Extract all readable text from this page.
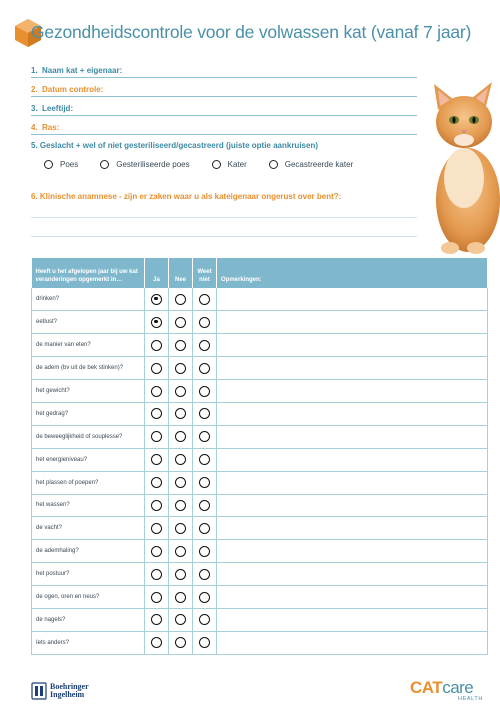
Gezondheidscontrole voor de volwassen kat (vanaf 7 jaar)
1. Naam kat + eigenaar:
2. Datum controle:
3. Leeftijd:
4. Ras:
5. Geslacht + wel of niet gesteriliseerd/gecastreerd (juiste optie aankruisen)
Poes	Gesteriliseerde poes	Kater	Gecastreerde kater
6. Klinische anamnese - zijn er zaken waar u als kateigenaar ongerust over bent?:
Heeft u het afgelopen jaar bij uw kat veranderingen opgemerkt in…	Ja	Nee	Weet niet	Opmerkingen:
drinken?				
eetlust?				
de manier van eten?				
de adem (bv uit de bek stinken)?				
het gewicht?				
het gedrag?				
de beweeglijkheid of souplesse?				
het energieniveau?				
het plassen of poepen?				
het wassen?				
de vacht?				
de ademhaling?				
het postuur?				
de ogen, oren en neus?				
de nagels?				
Iets anders?				
Boehringer
Ingelheim	CATcare
HEALTH
